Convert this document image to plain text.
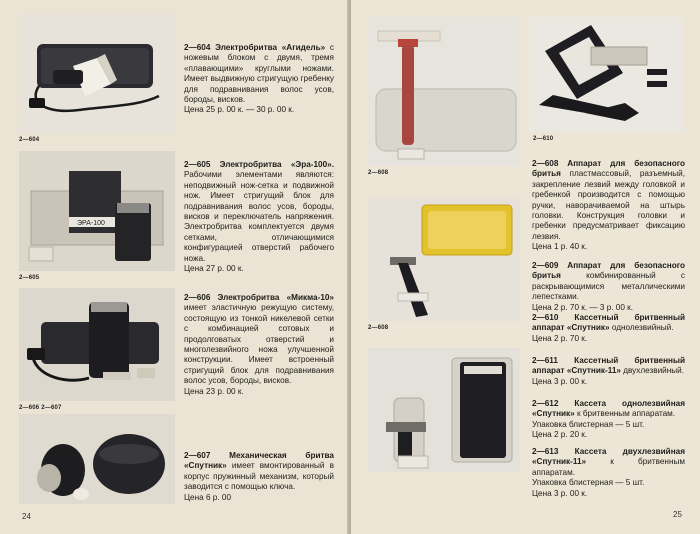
2—604

2—604 Электробритва «Агидель» с ножевым блоком с двумя, тремя «плавающими» круглыми ножами. Имеет выдвижную стригущую гребенку для подравнивания волос усов, бороды, висков.

Цена 25 р. 00 к. — 30 р. 00 к.

ЭРА-100
2—605

2—605 Электробритва «Эра-100». Рабочими элементами являются: неподвижный нож-сетка и подвижной нож. Имеет стригущий блок для подравнивания волос усов, бороды, висков и переключатель напряжения. Электробритва комплектуется двумя сетками, отличающимися конфигурацией отверстий рабочего ножа.

Цена 27 р. 00 к.

2—606 2—607

2—606 Электробритва «Микма-10» имеет эластичную режущую систему, состоящую из тонкой никелевой сетки с комбинацией сотовых и продолговатых отверстий и многолезвийного ножа улучшенной конструкции. Имеет встроенный стригущий блок для подравнивания волос усов, бороды, висков.

Цена 23 р. 00 к.

2—607 Механическая бритва «Спутник» имеет вмонтированный в корпус пружинный механизм, который заводится с помощью ключа.

Цена 6 р. 00

24
2—608
2—610
2—608

2—608 Аппарат для безопасного бритья пластмассовый, разъемный, закрепление лезвий между головкой и гребенкой производится с помощью ручки, наворачиваемой на штырь головки. Конструкция головки и гребенки предусматривает фиксацию лезвия.

Цена 1 р. 40 к.

2—609 Аппарат для безопасного бритья комбинированный с раскрывающимися металлическими лепестками.

Цена 2 р. 70 к. — 3 р. 00 к.

2—610 Кассетный бритвенный аппарат «Спутник» однолезвийный.

Цена 2 р. 70 к.

2—611 Кассетный бритвенный аппарат «Спутник-11» двухлезвийный.

Цена 3 р. 00 к.

2—612 Кассета однолезвийная «Спутник» к бритвенным аппаратам.

Упаковка блистерная — 5 шт.

Цена 2 р. 20 к.

2—613 Кассета двухлезвийная «Спутник-11» к бритвенным аппаратам.

Упаковка блистерная — 5 шт.

Цена 3 р. 00 к.

25
